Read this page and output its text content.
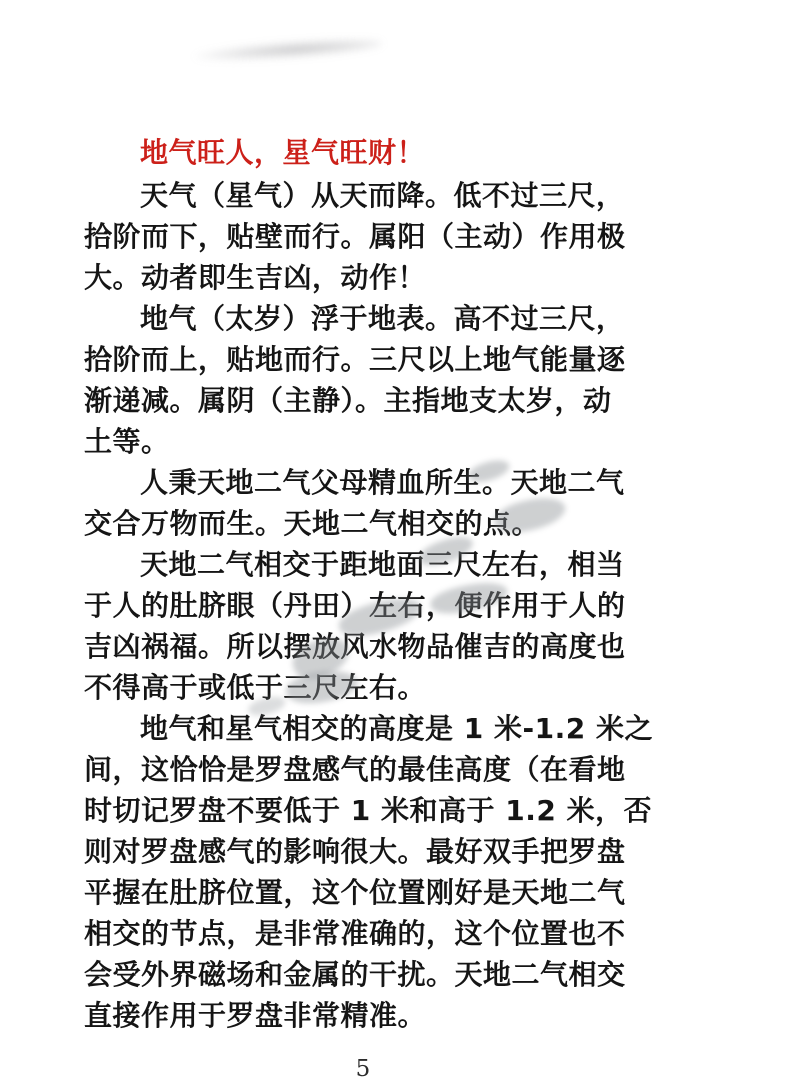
地气旺人，星气旺财！
天气（星气）从天而降。低不过三尺，
拾阶而下，贴壁而行。属阳（主动）作用极
大。动者即生吉凶，动作！
地气（太岁）浮于地表。高不过三尺，
拾阶而上，贴地而行。三尺以上地气能量逐
渐递减。属阴（主静）。主指地支太岁，动
土等。
人秉天地二气父母精血所生。天地二气
交合万物而生。天地二气相交的点。
天地二气相交于距地面三尺左右，相当
于人的肚脐眼（丹田）左右，便作用于人的
吉凶祸福。所以摆放风水物品催吉的高度也
不得高于或低于三尺左右。
地气和星气相交的高度是 1 米-1.2 米之
间，这恰恰是罗盘感气的最佳高度（在看地
时切记罗盘不要低于 1 米和高于 1.2 米，否
则对罗盘感气的影响很大。最好双手把罗盘
平握在肚脐位置，这个位置刚好是天地二气
相交的节点，是非常准确的，这个位置也不
会受外界磁场和金属的干扰。天地二气相交
直接作用于罗盘非常精准。
5
